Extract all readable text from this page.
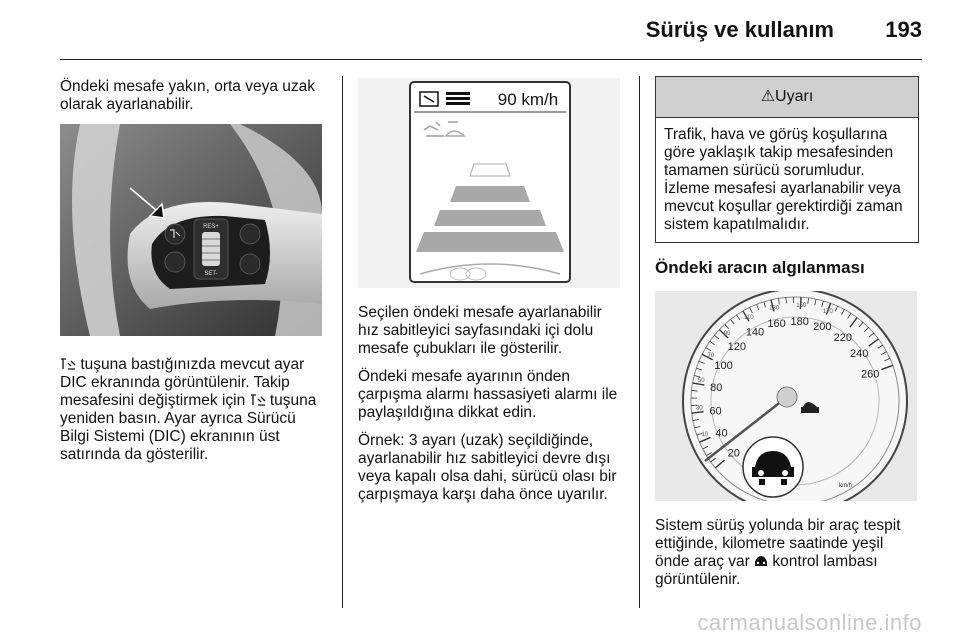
Sürüş ve kullanım 193

Öndeki mesafe yakın, orta veya uzak olarak ayarlanabilir.

RES+
SET-

tuşuna bastığınızda mevcut ayar DIC ekranında görüntülenir. Takip mesafesini değiştirmek için tuşuna yeniden basın. Ayar ayrıca Sürücü Bilgi Sistemi (DIC) ekranının üst satırında da gösterilir.

90 km/h

Seçilen öndeki mesafe ayarlanabilir hız sabitleyici sayfasındaki içi dolu mesafe çubukları ile gösterilir.

Öndeki mesafe ayarının önden çarpışma alarmı hassasiyeti alarmı ile paylaşıldığına dikkat edin.

Örnek: 3 ayarı (uzak) seçildiğinde, ayarlanabilir hız sabitleyici devre dışı veya kapalı olsa dahi, sürücü olası bir çarpışmaya karşı daha önce uyarılır.

⚠Uyarı
Trafik, hava ve görüş koşullarına göre yaklaşık takip mesafesinden tamamen sürücü sorumludur. İzleme mesafesi ayarlanabilir veya mevcut koşullar gerektirdiği zaman sistem kapatılmalıdır.
Öndeki aracın algılanması
20
40
60
80
100
120
140
160 180 200
220
240
260
10
30
50
70
90
110
130	150
170
km/h

Sistem sürüş yolunda bir araç tespit ettiğinde, kilometre saatinde yeşil önde araç var kontrol lambası görüntülenir.

carmanualsonline.info
